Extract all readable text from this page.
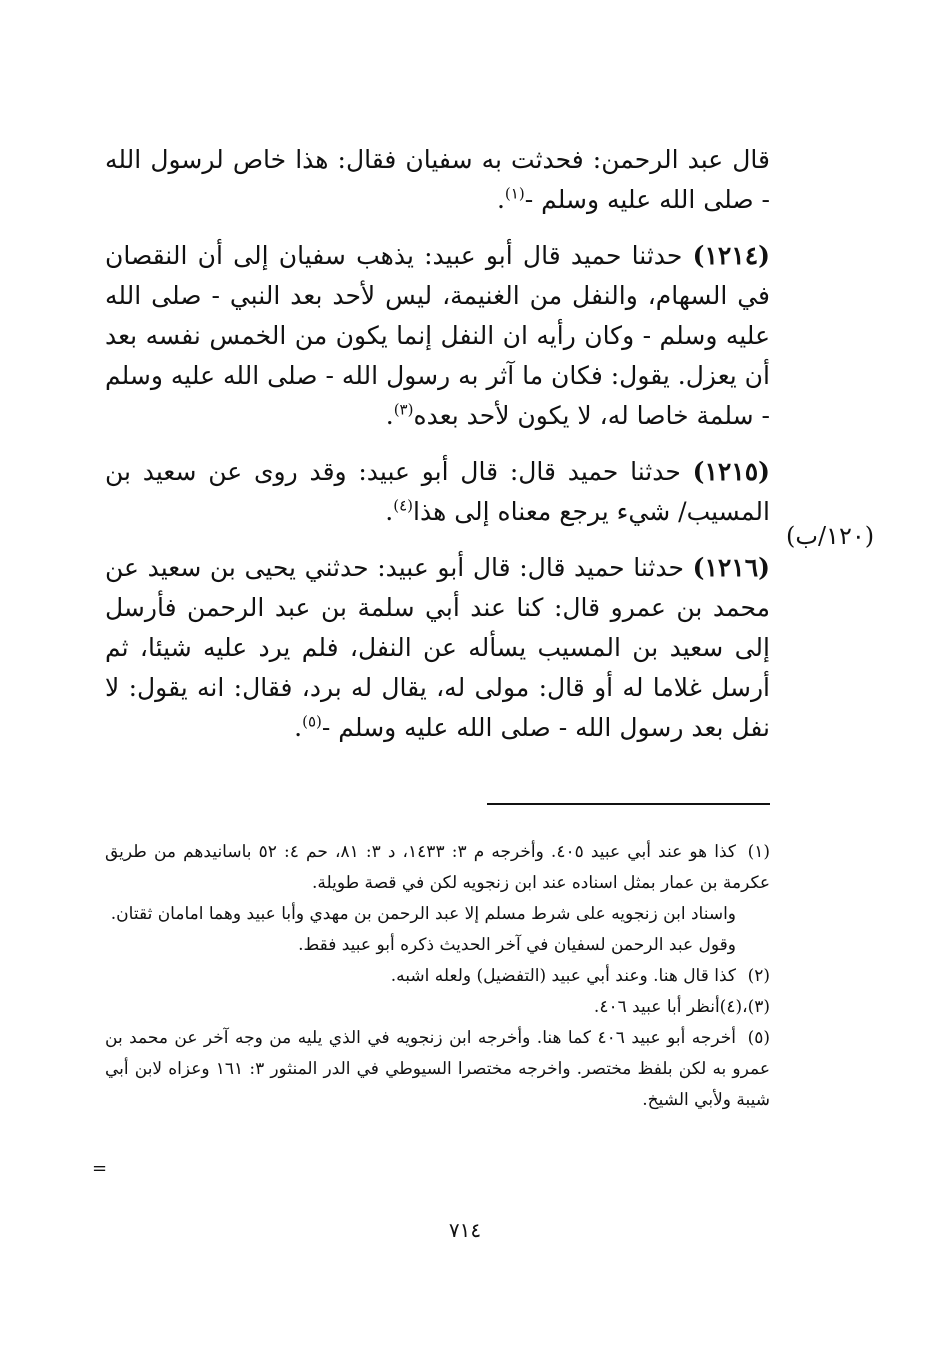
قال عبد الرحمن: فحدثت به سفيان فقال: هذا خاص لرسول الله - صلى الله عليه وسلم -$^{(١)}$.

(١٢١٤) حدثنا حميد قال أبو عبيد: يذهب سفيان إلى أن النقصان في السهام، والنفل من الغنيمة، ليس لأحد بعد النبي - صلى الله عليه وسلم - وكان رأيه ان النفل إنما يكون من الخمس نفسه بعد أن يعزل. يقول: فكان ما آثر به رسول الله - صلى الله عليه وسلم - سلمة خاصا له، لا يكون لأحد بعده$^{(٣)}$.

(١٢١٥) حدثنا حميد قال: قال أبو عبيد: وقد روى عن سعيد بن المسيب/ شيء يرجع معناه إلى هذا$^{(٤)}$.

(١٢١٦) حدثنا حميد قال: قال أبو عبيد: حدثني يحيى بن سعيد عن محمد بن عمرو قال: كنا عند أبي سلمة بن عبد الرحمن فأرسل إلى سعيد بن المسيب يسأله عن النفل، فلم يرد عليه شيئا، ثم أرسل غلاما له أو قال: مولى له، يقال له برد، فقال: انه يقول: لا نفل بعد رسول الله - صلى الله عليه وسلم -$^{(٥)}$.

(١٢٠/ب)

(١)كذا هو عند أبي عبيد ٤٠٥. وأخرجه م ٣: ١٤٣٣، د ٣: ٨١، حم ٤: ٥٢ باسانيدهم من طريق عكرمة بن عمار بمثل اسناده عند ابن زنجويه لكن في قصة طويلة.

واسناد ابن زنجويه على شرط مسلم إلا عبد الرحمن بن مهدي وأبا عبيد وهما امامان ثقتان.

وقول عبد الرحمن لسفيان في آخر الحديث ذكره أبو عبيد فقط.

(٢)كذا قال هنا. وعند أبي عبيد (التفضيل) ولعله اشبه.

(٣)،(٤)أنظر أبا عبيد ٤٠٦.

(٥)أخرجه أبو عبيد ٤٠٦ كما هنا. وأخرجه ابن زنجويه في الذي يليه من وجه آخر عن محمد بن عمرو به لكن بلفظ مختصر. واخرجه مختصرا السيوطي في الدر المنثور ٣: ١٦١ وعزاه لابن أبي شيبة ولأبي الشيخ.

=
٧١٤
